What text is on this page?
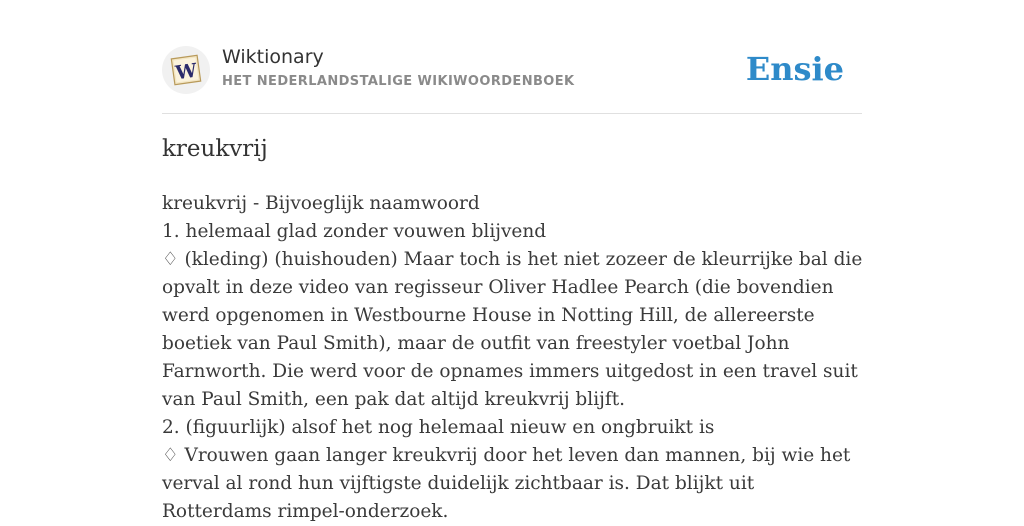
W
Wiktionary
HET NEDERLANDSTALIGE WIKIWOORDENBOEK	Ensie
kreukvrij
kreukvrij - Bijvoeglijk naamwoord
1. helemaal glad zonder vouwen blijvend
♢ (kleding) (huishouden) Maar toch is het niet zozeer de kleurrijke bal die opvalt in deze video van regisseur Oliver Hadlee Pearch (die bovendien werd opgenomen in Westbourne House in Notting Hill, de allereerste boetiek van Paul Smith), maar de outfit van freestyler voetbal John Farnworth. Die werd voor de opnames immers uitgedost in een travel suit van Paul Smith, een pak dat altijd kreukvrij blijft.
2. (figuurlijk) alsof het nog helemaal nieuw en ongbruikt is
♢ Vrouwen gaan langer kreukvrij door het leven dan mannen, bij wie het verval al rond hun vijftigste duidelijk zichtbaar is. Dat blijkt uit Rotterdams rimpel-onderzoek.
